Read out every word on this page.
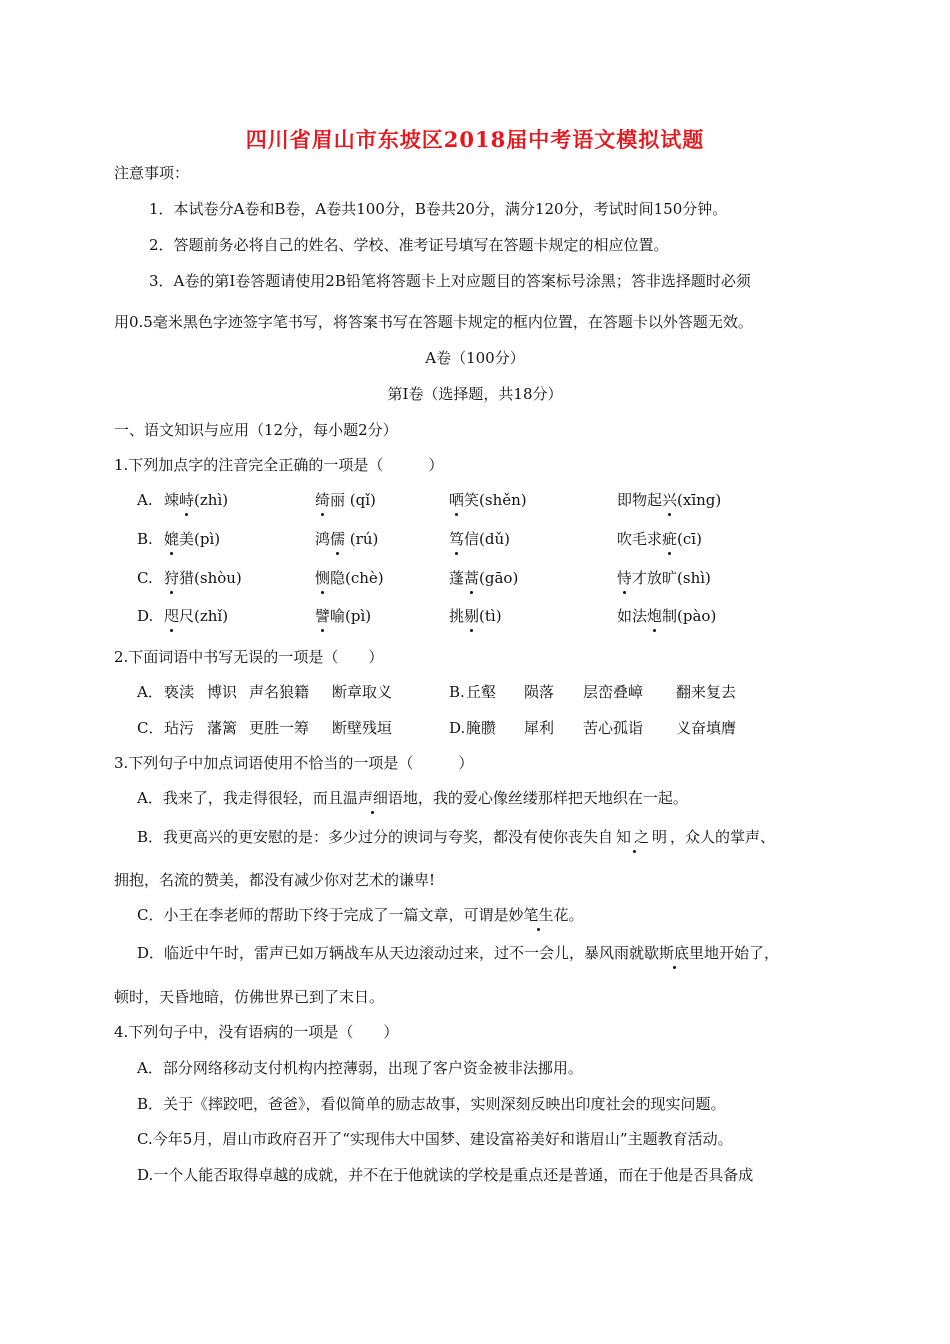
四川省眉山市东坡区2018届中考语文模拟试题
注意事项：
1．本试卷分A卷和B卷，A卷共100分，B卷共20分，满分120分，考试时间150分钟。
2．答题前务必将自己的姓名、学校、准考证号填写在答题卡规定的相应位置。
3．A卷的第Ⅰ卷答题请使用2B铅笔将答题卡上对应题目的答案标号涂黑；答非选择题时必须
用0.5毫米黑色字迹签字笔书写，将答案书写在答题卡规定的框内位置，在答题卡以外答题无效。
A卷（100分）
第Ⅰ卷（选择题，共18分）
一、语文知识与应用（12分，每小题2分）
1.下列加点字的注音完全正确的一项是（　　　）
A. 竦峙(zhì)	绮丽 (qǐ)	哂笑(shěn)	即物起兴(xīng)
B. 媲美(pì)	鸿儒 (rú)	笃信(dǔ)	吹毛求疵(cī)
C. 狩猎(shòu)	恻隐(chè)	蓬蒿(gāo)	恃才放旷(shì)
D. 咫尺(zhǐ)	譬喻(pì)	挑剔(tì)	如法炮制(pào)
2.下面词语中书写无误的一项是（　　）
A． 亵渎 博识 声名狼籍 断章取义	B. 丘壑 陨落 层峦叠嶂 翻来复去
C． 玷污 藩篱 更胜一筹 断壁残垣	D. 腌臜 犀利 苦心孤诣 义奋填膺
3.下列句子中加点词语使用不恰当的一项是（　　　）
A．我来了，我走得很轻，而且温声细语地，我的爱心像丝缕那样把天地织在一起。
B．我更高兴的更安慰的是：多少过分的谀词与夸奖，都没有使你丧失自知之明，众人的掌声、
拥抱，名流的赞美，都没有减少你对艺术的谦卑!
C．小王在李老师的帮助下终于完成了一篇文章，可谓是妙笔生花。
D．临近中午时，雷声已如万辆战车从天边滚动过来，过不一会儿，暴风雨就歇斯底里地开始了，
顿时，天昏地暗，仿佛世界已到了末日。
4.下列句子中，没有语病的一项是（　　）
A．部分网络移动支付机构内控薄弱，出现了客户资金被非法挪用。
B．关于《摔跤吧，爸爸》，看似简单的励志故事，实则深刻反映出印度社会的现实问题。
C.今年5月，眉山市政府召开了“实现伟大中国梦、建设富裕美好和谐眉山”主题教育活动。
D.一个人能否取得卓越的成就，并不在于他就读的学校是重点还是普通，而在于他是否具备成
